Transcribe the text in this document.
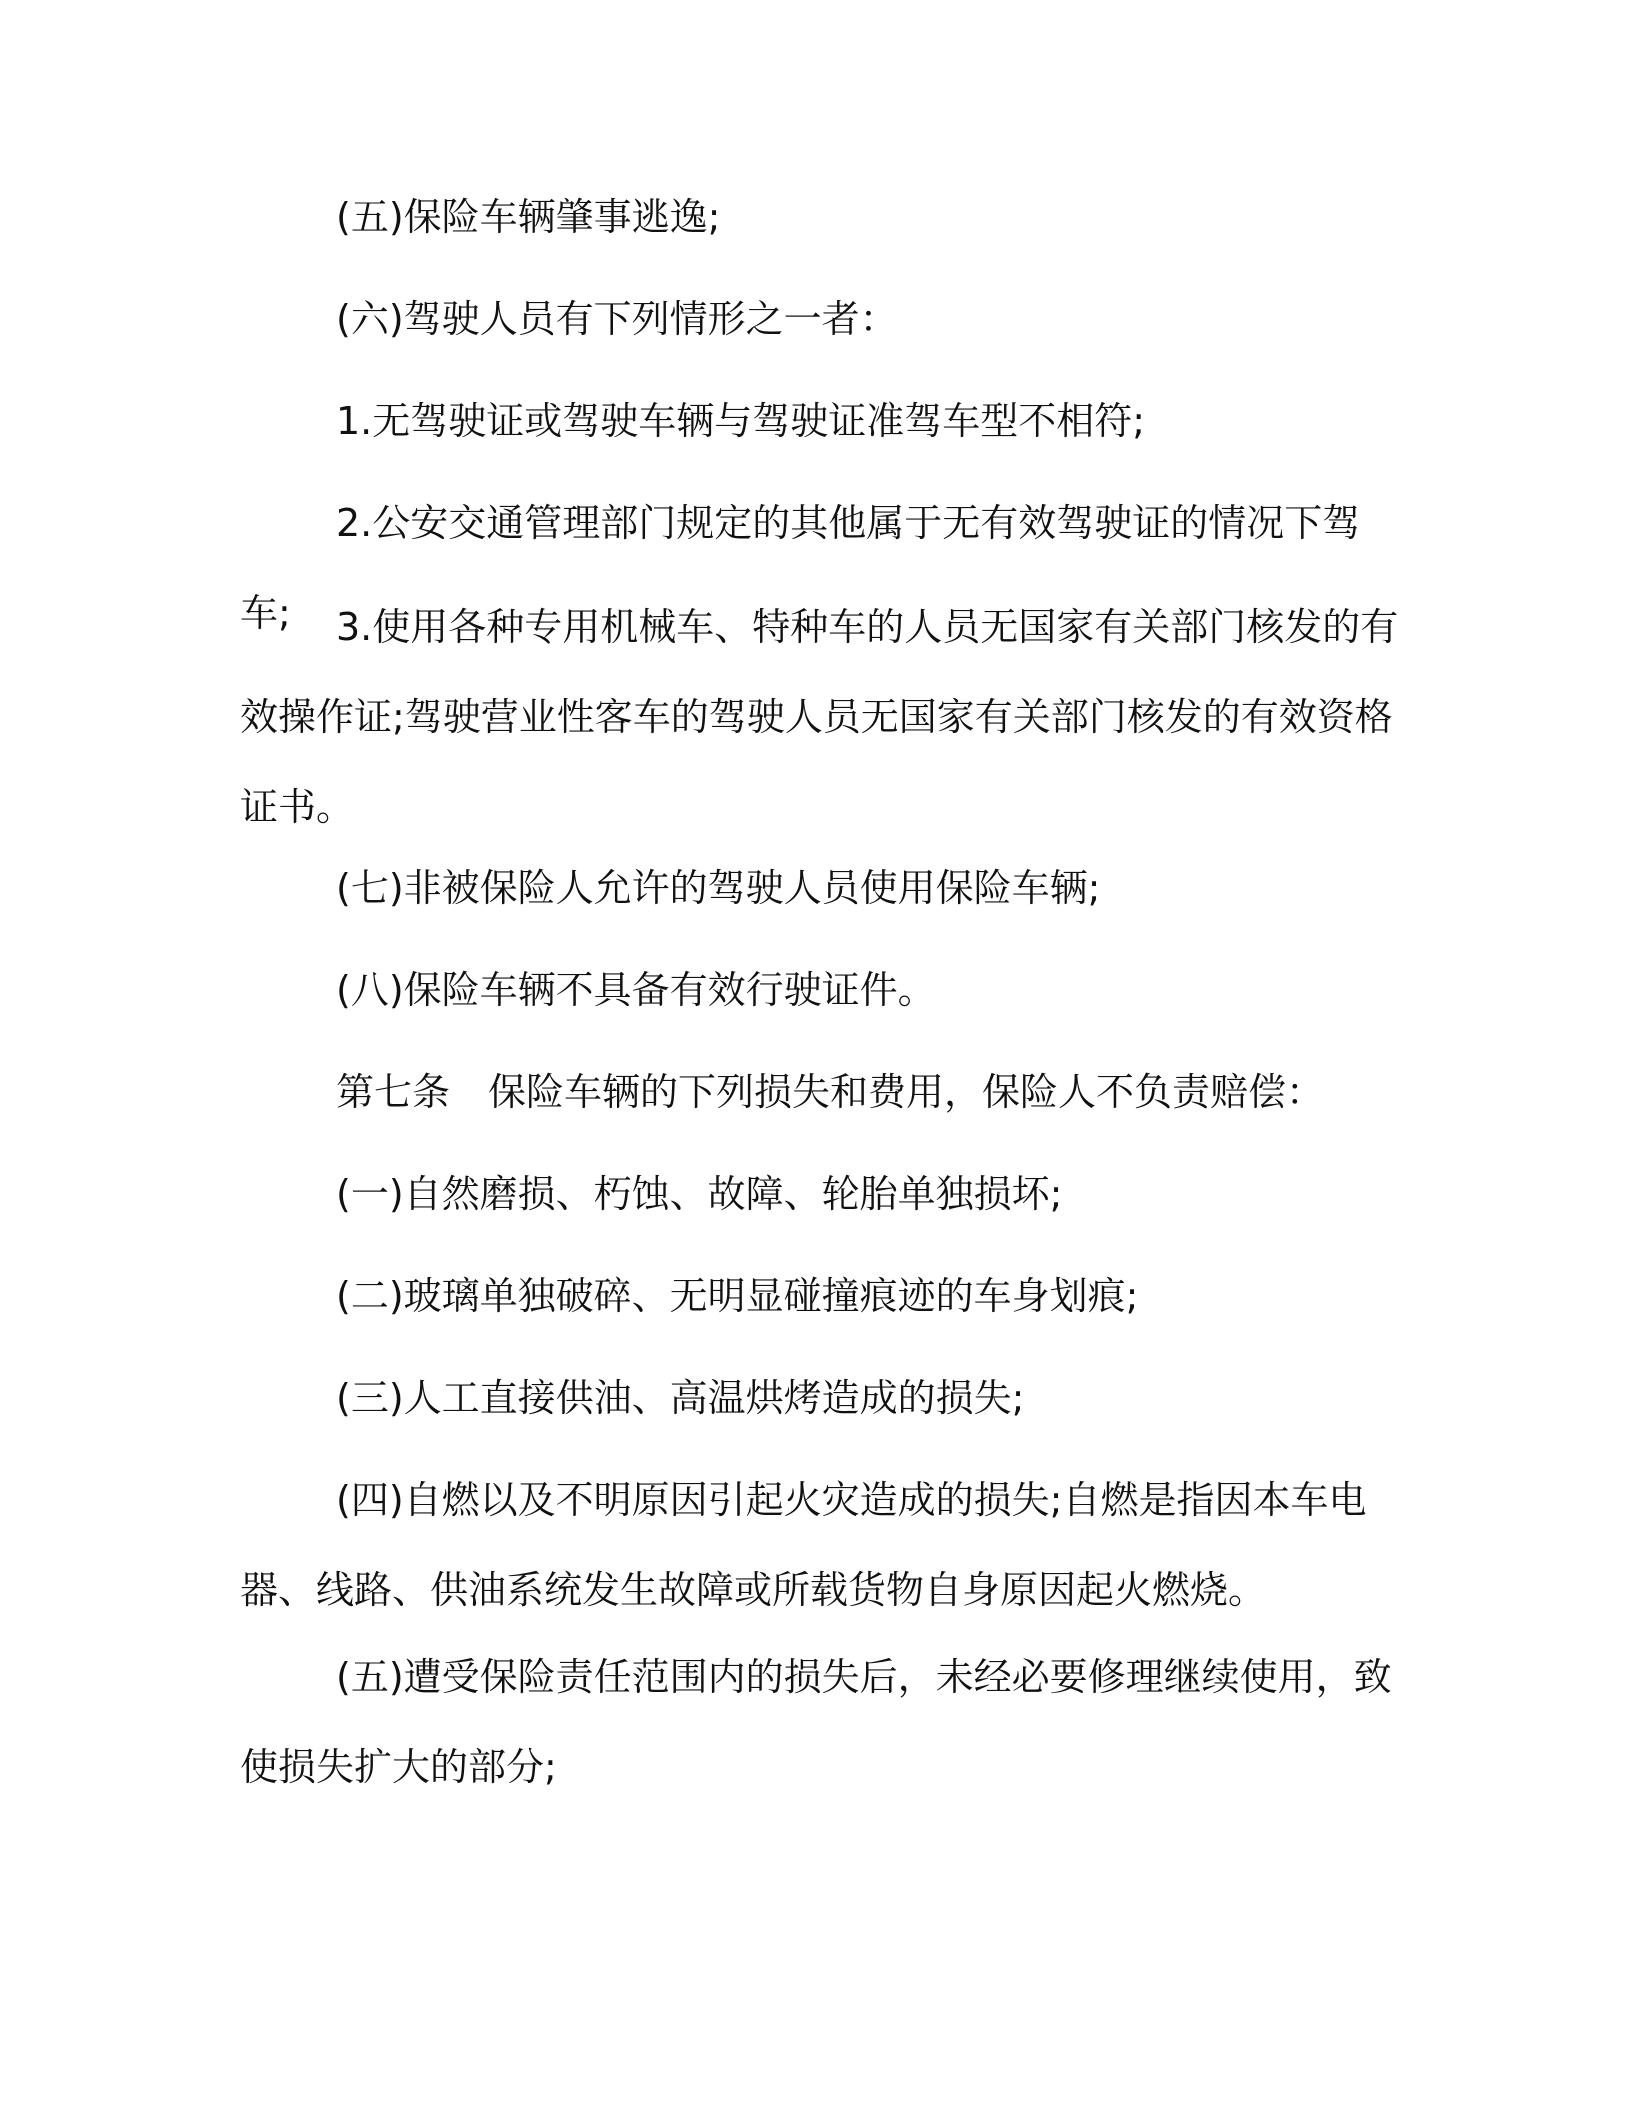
(五)保险车辆肇事逃逸;

(六)驾驶人员有下列情形之一者：

1.无驾驶证或驾驶车辆与驾驶证准驾车型不相符;

2.公安交通管理部门规定的其他属于无有效驾驶证的情况下驾车;	3.使用各种专用机械车、特种车的人员无国家有关部门核发的有效操作证;驾驶营业性客车的驾驶人员无国家有关部门核发的有效资格证书。

(七)非被保险人允许的驾驶人员使用保险车辆;

(八)保险车辆不具备有效行驶证件。

第七条　保险车辆的下列损失和费用，保险人不负责赔偿：

(一)自然磨损、朽蚀、故障、轮胎单独损坏;

(二)玻璃单独破碎、无明显碰撞痕迹的车身划痕;

(三)人工直接供油、高温烘烤造成的损失;

(四)自燃以及不明原因引起火灾造成的损失;自燃是指因本车电器、线路、供油系统发生故障或所载货物自身原因起火燃烧。

(五)遭受保险责任范围内的损失后，未经必要修理继续使用，致使损失扩大的部分;
